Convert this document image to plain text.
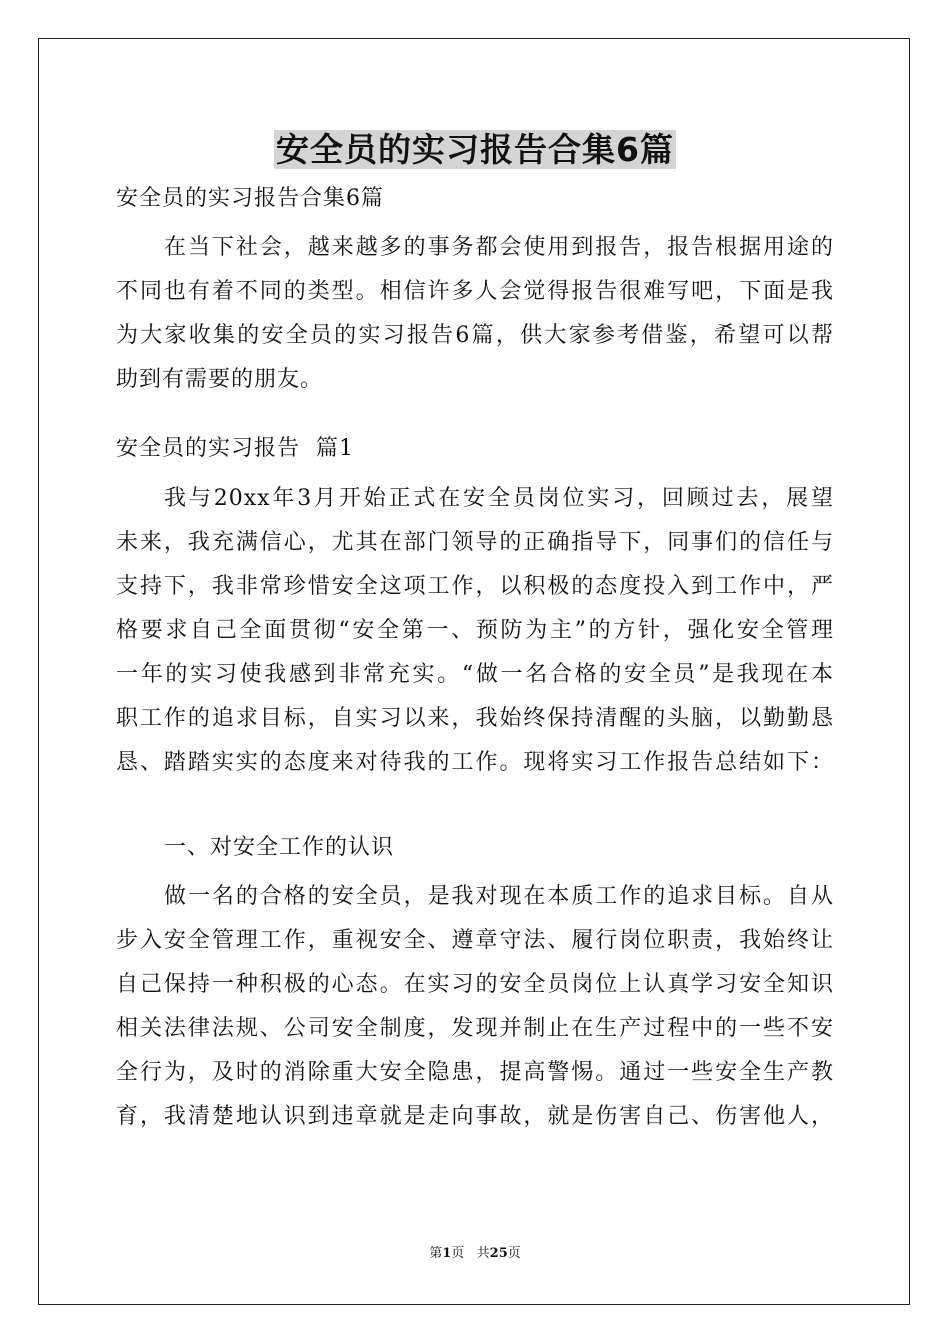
安全员的实习报告合集6篇
安全员的实习报告合集6篇
在当下社会，越来越多的事务都会使用到报告，报告根据用途的
不同也有着不同的类型。相信许多人会觉得报告很难写吧，下面是我
为大家收集的安全员的实习报告6篇，供大家参考借鉴，希望可以帮
助到有需要的朋友。
安全员的实习报告  篇1
我与20xx年3月开始正式在安全员岗位实习，回顾过去，展望
未来，我充满信心，尤其在部门领导的正确指导下，同事们的信任与
支持下，我非常珍惜安全这项工作，以积极的态度投入到工作中，严
格要求自己全面贯彻“安全第一、预防为主”的方针，强化安全管理
一年的实习使我感到非常充实。“做一名合格的安全员”是我现在本
职工作的追求目标，自实习以来，我始终保持清醒的头脑，以勤勤恳
恳、踏踏实实的态度来对待我的工作。现将实习工作报告总结如下：
一、对安全工作的认识
做一名的合格的安全员，是我对现在本质工作的追求目标。自从
步入安全管理工作，重视安全、遵章守法、履行岗位职责，我始终让
自己保持一种积极的心态。在实习的安全员岗位上认真学习安全知识
相关法律法规、公司安全制度，发现并制止在生产过程中的一些不安
全行为，及时的消除重大安全隐患，提高警惕。通过一些安全生产教
育，我清楚地认识到违章就是走向事故，就是伤害自己、伤害他人，
第1页   共25页
